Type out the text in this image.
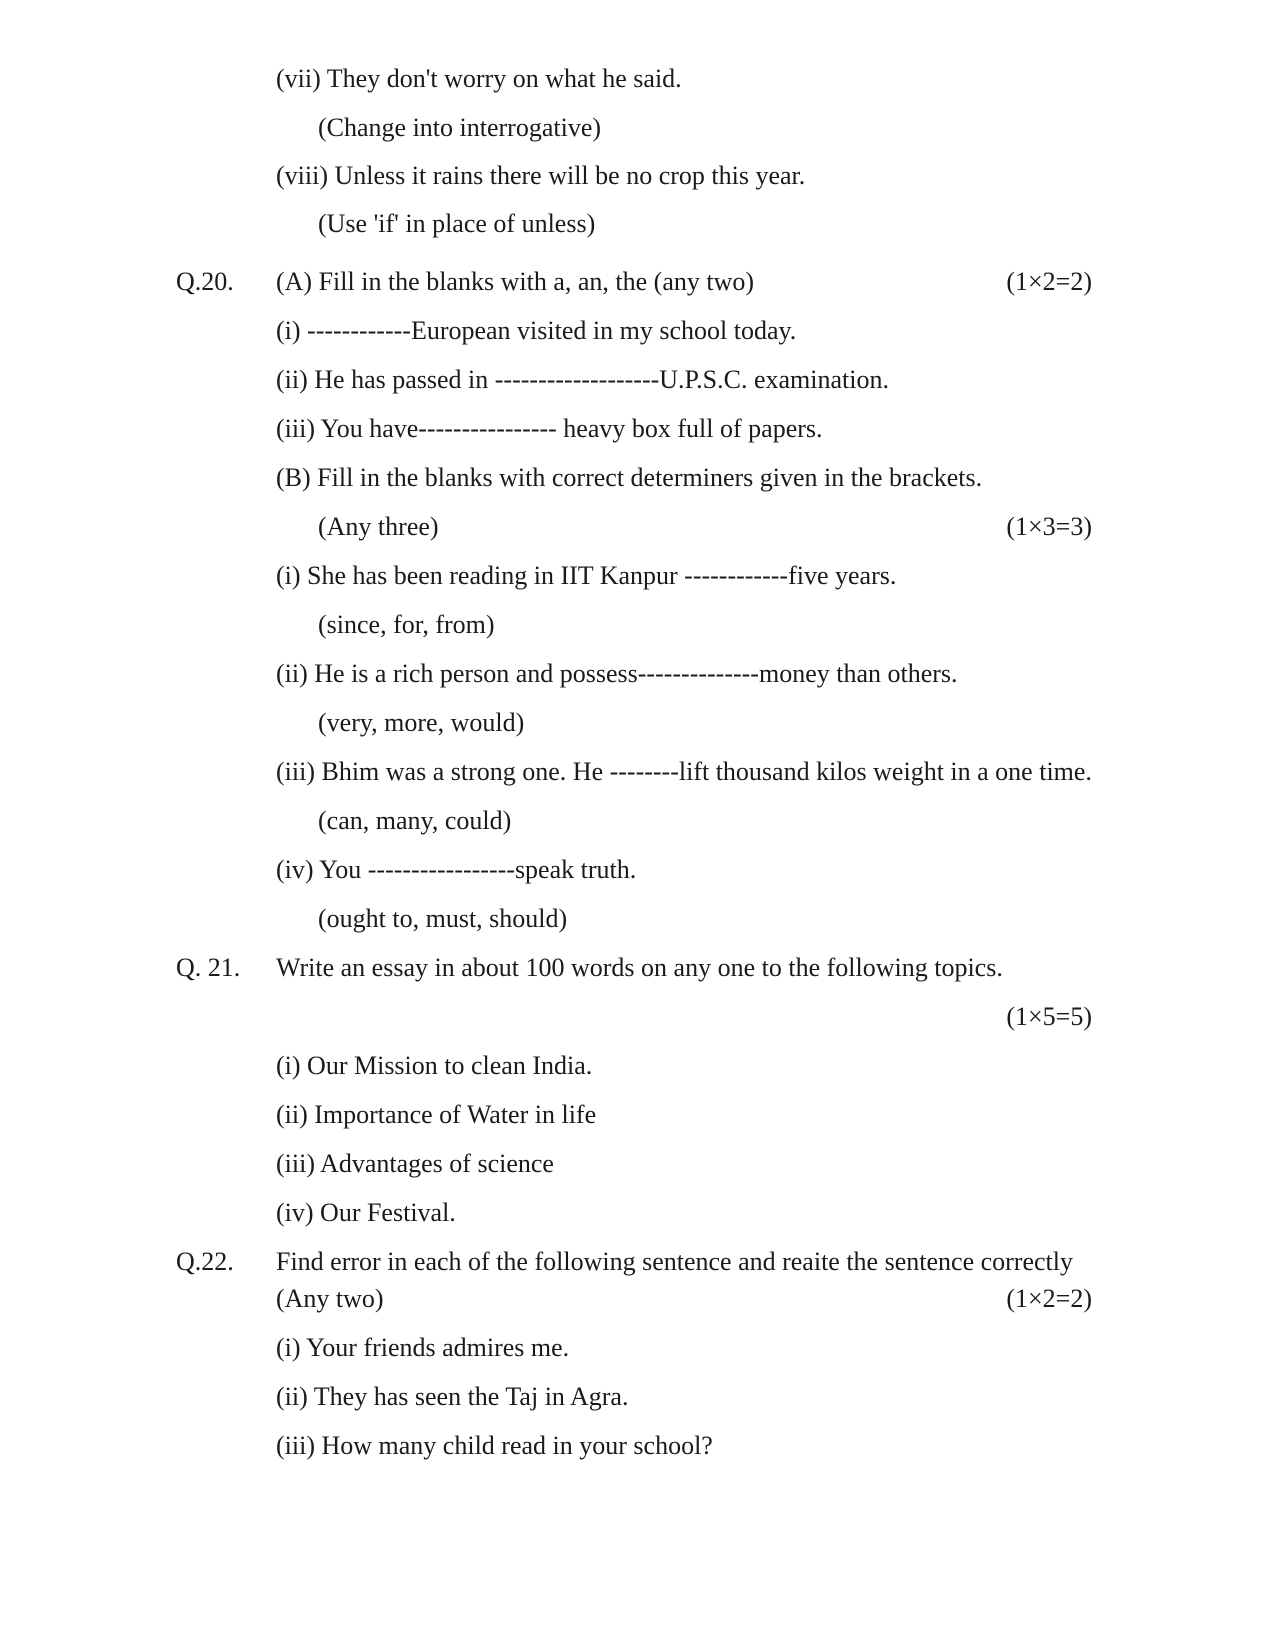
(vii) They don't worry on what he said.
(Change into interrogative)
(viii) Unless it rains there will be no crop this year.
(Use 'if' in place of unless)
Q.20. (A) Fill in the blanks with a, an, the (any two)	(1×2=2)
(i) ------------European visited in my school today.
(ii) He has passed in -------------------U.P.S.C. examination.
(iii) You have---------------- heavy box full of papers.
(B) Fill in the blanks with correct determiners given in the brackets.
(Any three)	(1×3=3)
(i) She has been reading in IIT Kanpur ------------five years.
(since, for, from)
(ii) He is a rich person and possess--------------money than others.
(very, more, would)
(iii) Bhim was a strong one. He --------lift thousand kilos weight in a one time.
(can, many, could)
(iv) You -----------------speak truth.
(ought to, must, should)
Q. 21. Write an essay in about 100 words on any one to the following topics.
(1×5=5)
(i) Our Mission to clean India.
(ii) Importance of Water in life
(iii) Advantages of science
(iv) Our Festival.
Q.22. Find error in each of the following sentence and reaite the sentence correctly
(Any two)	(1×2=2)
(i) Your friends admires me.
(ii) They has seen the Taj in Agra.
(iii) How many child read in your school?
